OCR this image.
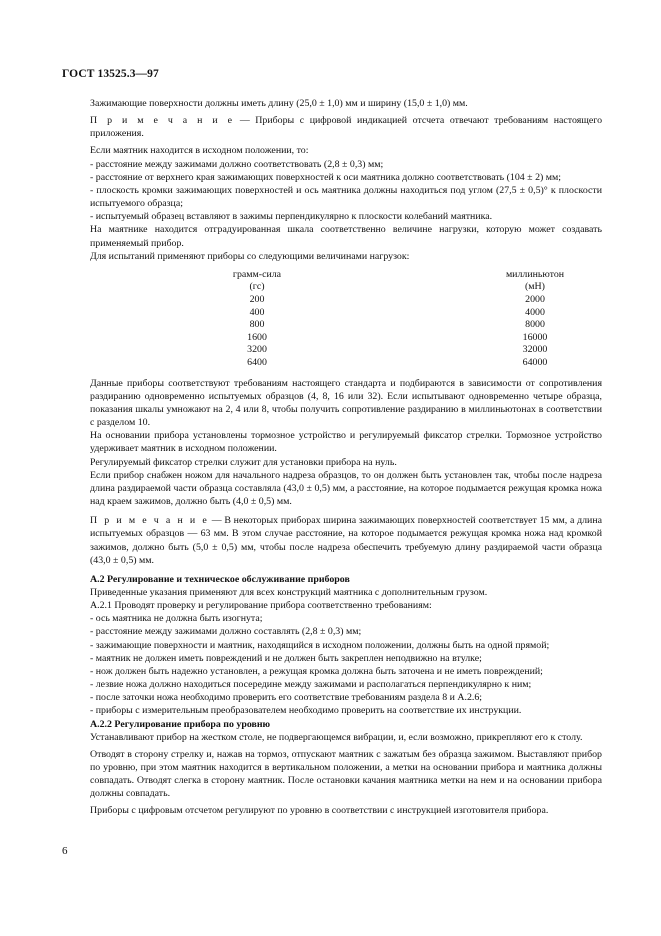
ГОСТ 13525.3—97

Зажимающие поверхности должны иметь длину (25,0 ± 1,0) мм и ширину (15,0 ± 1,0) мм.

П р и м е ч а н и е — Приборы с цифровой индикацией отсчета отвечают требованиям настоящего приложения.

Если маятник находится в исходном положении, то:

- расстояние между зажимами должно соответствовать (2,8 ± 0,3) мм;

- расстояние от верхнего края зажимающих поверхностей к оси маятника должно соответствовать (104 ± 2) мм;

- плоскость кромки зажимающих поверхностей и ось маятника должны находиться под углом (27,5 ± 0,5)° к плоскости испытуемого образца;

- испытуемый образец вставляют в зажимы перпендикулярно к плоскости колебаний маятника.

На маятнике находится отградуированная шкала соответственно величине нагрузки, которую может создавать применяемый прибор.

Для испытаний применяют приборы со следующими величинами нагрузок:

грамм-сила
(гс)
200
400
800
1600
3200
6400
миллиньютон
(мН)
2000
4000
8000
16000
32000
64000

Данные приборы соответствуют требованиям настоящего стандарта и подбираются в зависимости от сопротивления раздиранию одновременно испытуемых образцов (4, 8, 16 или 32). Если испытывают одновременно четыре образца, показания шкалы умножают на 2, 4 или 8, чтобы получить сопротивление раздиранию в миллиньютонах в соответствии с разделом 10.

На основании прибора установлены тормозное устройство и регулируемый фиксатор стрелки. Тормозное устройство удерживает маятник в исходном положении.

Регулируемый фиксатор стрелки служит для установки прибора на нуль.

Если прибор снабжен ножом для начального надреза образцов, то он должен быть установлен так, чтобы после надреза длина раздираемой части образца составляла (43,0 ± 0,5) мм, а расстояние, на которое подымается режущая кромка ножа над краем зажимов, должно быть (4,0 ± 0,5) мм.

П р и м е ч а н и е — В некоторых приборах ширина зажимающих поверхностей соответствует 15 мм, а длина испытуемых образцов — 63 мм. В этом случае расстояние, на которое подымается режущая кромка ножа над кромкой зажимов, должно быть (5,0 ± 0,5) мм, чтобы после надреза обеспечить требуемую длину раздираемой части образца (43,0 ± 0,5) мм.

А.2 Регулирование и техническое обслуживание приборов

Приведенные указания применяют для всех конструкций маятника с дополнительным грузом.

А.2.1 Проводят проверку и регулирование прибора соответственно требованиям:

- ось маятника не должна быть изогнута;

- расстояние между зажимами должно составлять (2,8 ± 0,3) мм;

- зажимающие поверхности и маятник, находящийся в исходном положении, должны быть на одной прямой;

- маятник не должен иметь повреждений и не должен быть закреплен неподвижно на втулке;

- нож должен быть надежно установлен, а режущая кромка должна быть заточена и не иметь повреждений;

- лезвие ножа должно находиться посередине между зажимами и располагаться перпендикулярно к ним;

- после заточки ножа необходимо проверить его соответствие требованиям раздела 8 и А.2.6;

- приборы с измерительным преобразователем необходимо проверить на соответствие их инструкции.

А.2.2 Регулирование прибора по уровню

Устанавливают прибор на жестком столе, не подвергающемся вибрации, и, если возможно, прикрепляют его к столу.

Отводят в сторону стрелку и, нажав на тормоз, отпускают маятник с зажатым без образца зажимом. Выставляют прибор по уровню, при этом маятник находится в вертикальном положении, а метки на основании прибора и маятника должны совпадать. Отводят слегка в сторону маятник. После остановки качания маятника метки на нем и на основании прибора должны совпадать.

Приборы с цифровым отсчетом регулируют по уровню в соответствии с инструкцией изготовителя прибора.

6
